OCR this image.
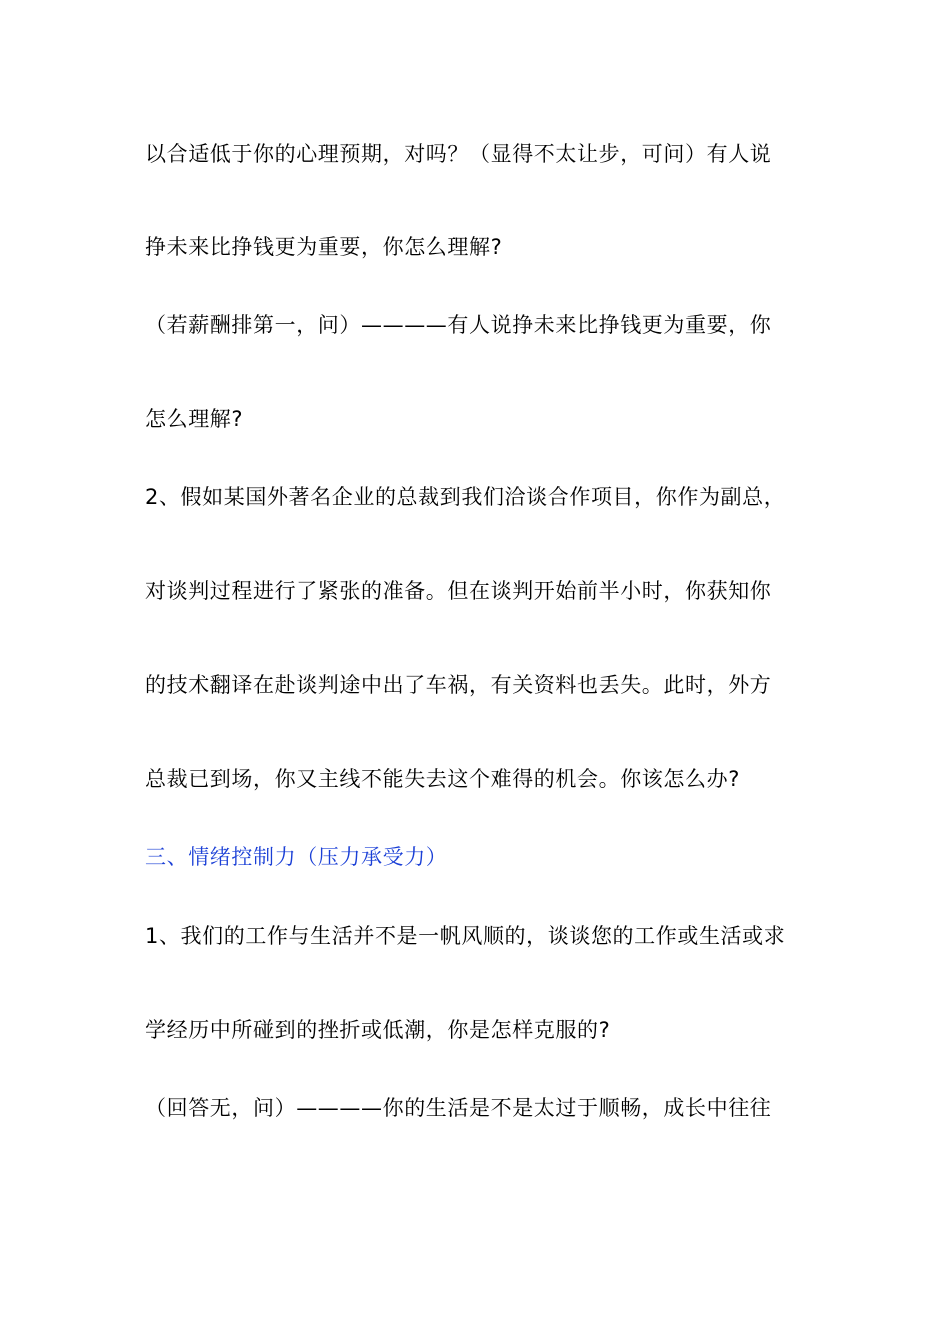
以合适低于你的心理预期，对吗？（显得不太让步，可问）有人说
挣未来比挣钱更为重要，你怎么理解?
（若薪酬排第一，问）————有人说挣未来比挣钱更为重要，你
怎么理解?
2、假如某国外著名企业的总裁到我们洽谈合作项目，你作为副总，
对谈判过程进行了紧张的准备。但在谈判开始前半小时，你获知你
的技术翻译在赴谈判途中出了车祸，有关资料也丢失。此时，外方
总裁已到场，你又主线不能失去这个难得的机会。你该怎么办?
三、情绪控制力（压力承受力）
1、我们的工作与生活并不是一帆风顺的，谈谈您的工作或生活或求
学经历中所碰到的挫折或低潮，你是怎样克服的?
（回答无，问）————你的生活是不是太过于顺畅，成长中往往
